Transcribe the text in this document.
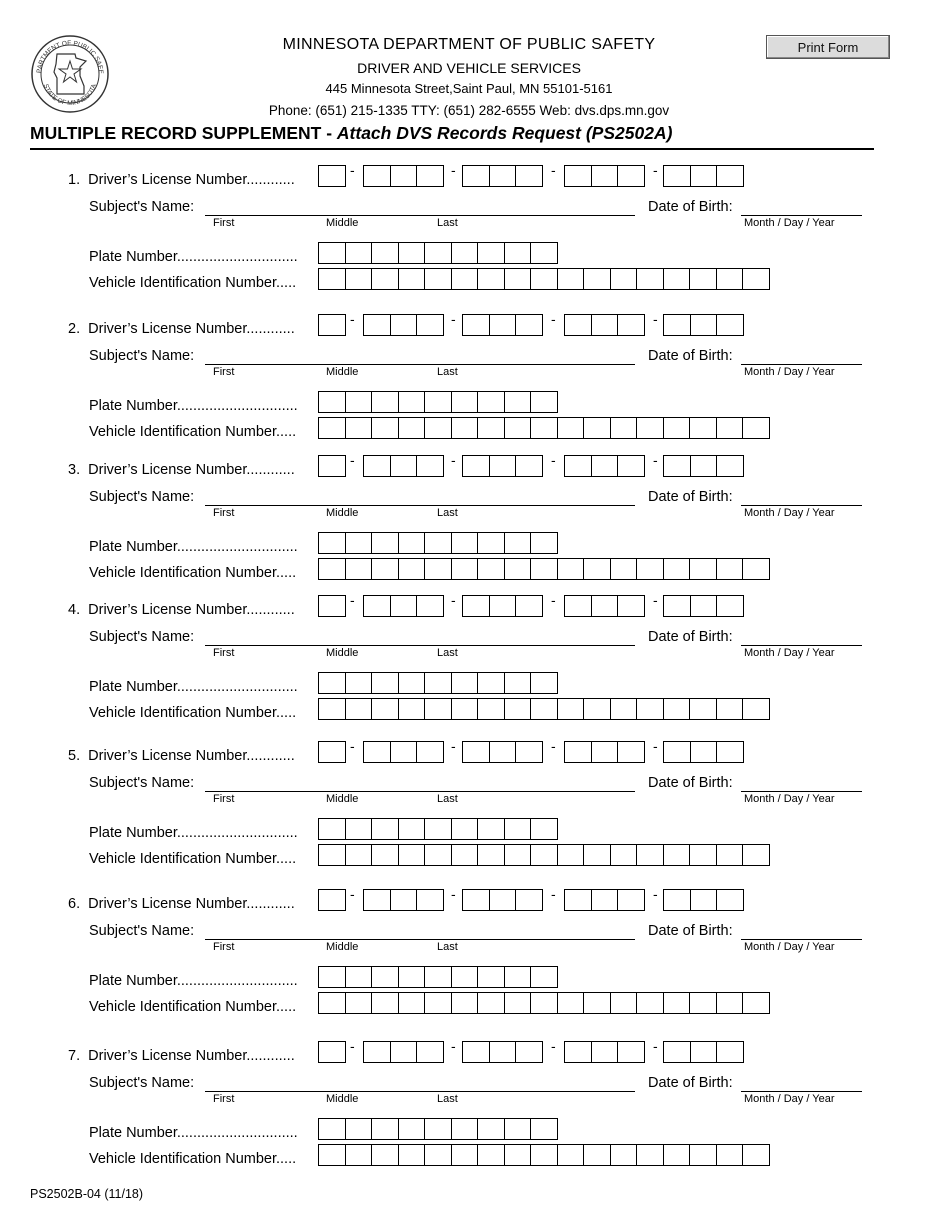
PARTMENT OF PUBLIC SAFE
STATE OF MINNESOTA
MINNESOTA DEPARTMENT OF PUBLIC SAFETY
DRIVER AND VEHICLE SERVICES
445 Minnesota Street,Saint Paul, MN 55101-5161
Phone: (651) 215-1335 TTY: (651) 282-6555 Web: dvs.dps.mn.gov
Print Form
MULTIPLE RECORD SUPPLEMENT - Attach DVS Records Request (PS2502A)
1. Driver’s License Number............
-	-	-	-
Subject's Name:
First	Middle	Last
Date of Birth:
Month / Day / Year
Plate Number..............................
Vehicle Identification Number.....
2. Driver’s License Number............
-	-	-	-
Subject's Name:
First	Middle	Last
Date of Birth:
Month / Day / Year
Plate Number..............................
Vehicle Identification Number.....
3. Driver’s License Number............
-	-	-	-
Subject's Name:
First	Middle	Last
Date of Birth:
Month / Day / Year
Plate Number..............................
Vehicle Identification Number.....
4. Driver’s License Number............
-	-	-	-
Subject's Name:
First	Middle	Last
Date of Birth:
Month / Day / Year
Plate Number..............................
Vehicle Identification Number.....
5. Driver’s License Number............
-	-	-	-
Subject's Name:
First	Middle	Last
Date of Birth:
Month / Day / Year
Plate Number..............................
Vehicle Identification Number.....
6. Driver’s License Number............
-	-	-	-
Subject's Name:
First	Middle	Last
Date of Birth:
Month / Day / Year
Plate Number..............................
Vehicle Identification Number.....
7. Driver’s License Number............
-	-	-	-
Subject's Name:
First	Middle	Last
Date of Birth:
Month / Day / Year
Plate Number..............................
Vehicle Identification Number.....
PS2502B-04 (11/18)
